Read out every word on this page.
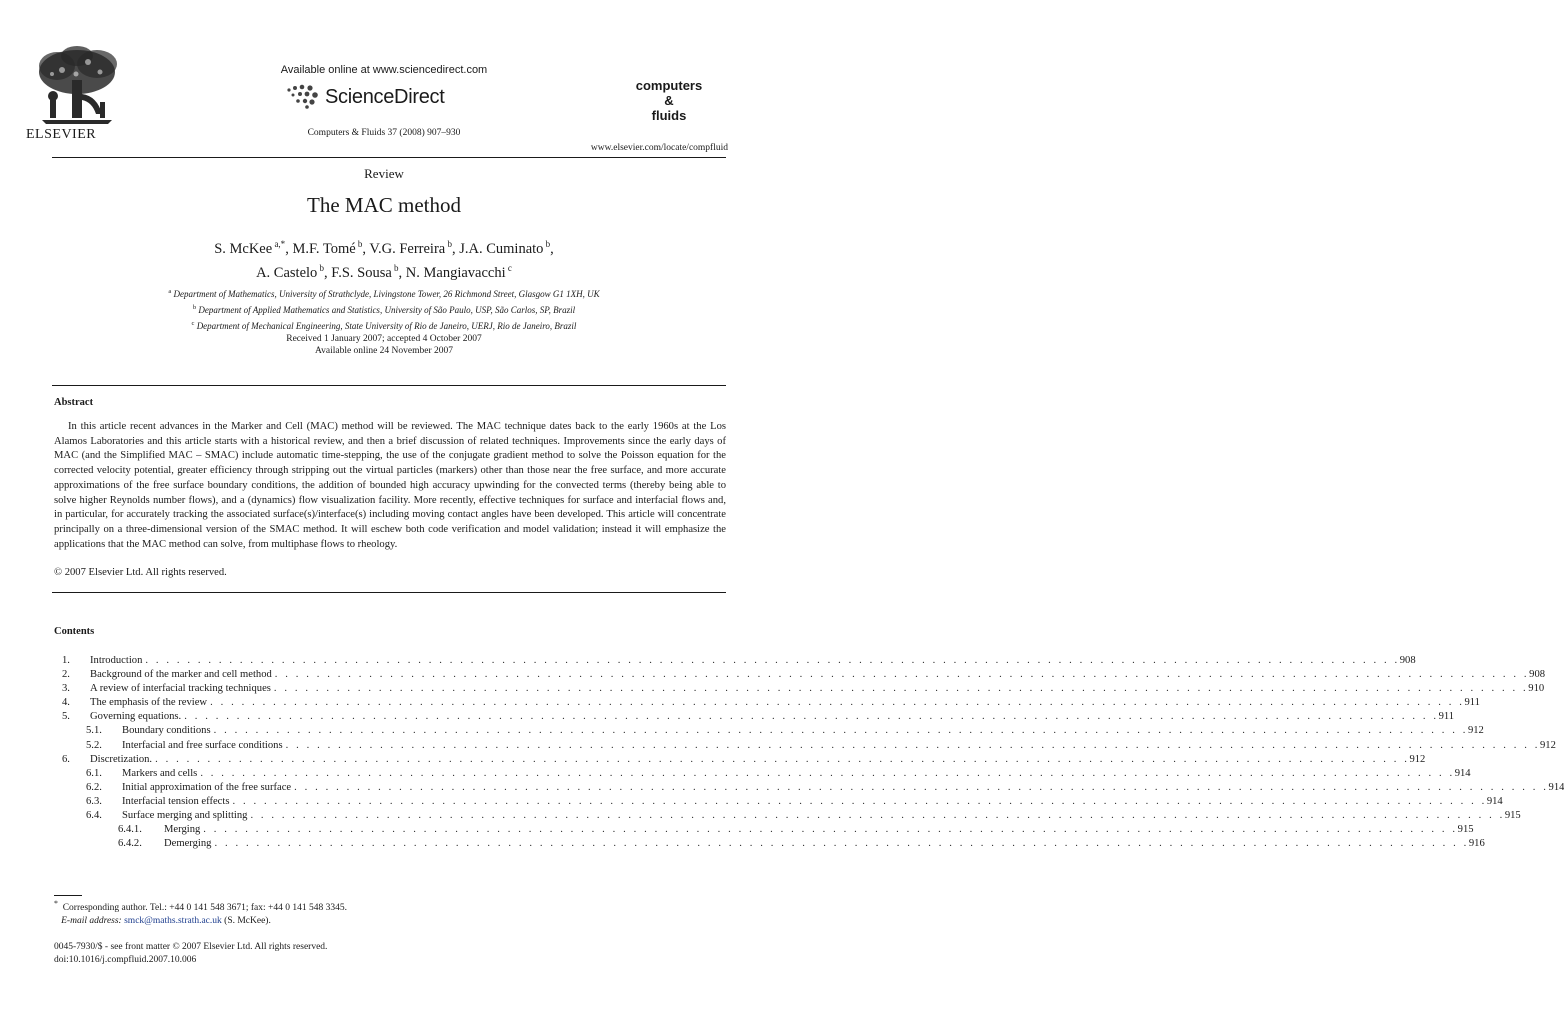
ELSEVIER
Available online at www.sciencedirect.com
ScienceDirect
Computers & Fluids 37 (2008) 907–930
computers
&
fluids
www.elsevier.com/locate/compfluid
Review
The MAC method
S. McKee $^{a,*}$, M.F. Tomé $^b$, V.G. Ferreira $^b$, J.A. Cuminato $^b$,
A. Castelo $^b$, F.S. Sousa $^b$, N. Mangiavacchi $^c$
$^a$ Department of Mathematics, University of Strathclyde, Livingstone Tower, 26 Richmond Street, Glasgow G1 1XH, UK
$^b$ Department of Applied Mathematics and Statistics, University of São Paulo, USP, São Carlos, SP, Brazil
$^c$ Department of Mechanical Engineering, State University of Rio de Janeiro, UERJ, Rio de Janeiro, Brazil
Received 1 January 2007; accepted 4 October 2007
Available online 24 November 2007
Abstract

In this article recent advances in the Marker and Cell (MAC) method will be reviewed. The MAC technique dates back to the early 1960s at the Los Alamos Laboratories and this article starts with a historical review, and then a brief discussion of related techniques. Improvements since the early days of MAC (and the Simplified MAC – SMAC) include automatic time-stepping, the use of the conjugate gradient method to solve the Poisson equation for the corrected velocity potential, greater efficiency through stripping out the virtual particles (markers) other than those near the free surface, and more accurate approximations of the free surface boundary conditions, the addition of bounded high accuracy upwinding for the convected terms (thereby being able to solve higher Reynolds number flows), and a (dynamics) flow visualization facility. More recently, effective techniques for surface and interfacial flows and, in particular, for accurately tracking the associated surface(s)/interface(s) including moving contact angles have been developed. This article will concentrate principally on a three-dimensional version of the SMAC method. It will eschew both code verification and model validation; instead it will emphasize the applications that the MAC method can solve, from multiphase flows to rheology.

© 2007 Elsevier Ltd. All rights reserved.
Contents
1. Introduction . . . . . . . . . . . . . . . . . . . . . . . . . . . . . . . . . . . . . . . . . . . . . . . . . . . . . . . . . . . . . . . . . . . . . . . . . . . . . . . . . . . . . . . . . . . . . . . . . . . . . . . . . . . . . . . . . . . . . . . . 908
2. Background of the marker and cell method . . . . . . . . . . . . . . . . . . . . . . . . . . . . . . . . . . . . . . . . . . . . . . . . . . . . . . . . . . . . . . . . . . . . . . . . . . . . . . . . . . . . . . . . . . . . . . . . . . . . . . . . . . . . . . . . . . . . . . . . 908
3. A review of interfacial tracking techniques . . . . . . . . . . . . . . . . . . . . . . . . . . . . . . . . . . . . . . . . . . . . . . . . . . . . . . . . . . . . . . . . . . . . . . . . . . . . . . . . . . . . . . . . . . . . . . . . . . . . . . . . . . . . . . . . . . . . . . . . 910
4. The emphasis of the review . . . . . . . . . . . . . . . . . . . . . . . . . . . . . . . . . . . . . . . . . . . . . . . . . . . . . . . . . . . . . . . . . . . . . . . . . . . . . . . . . . . . . . . . . . . . . . . . . . . . . . . . . . . . . . . . . . . . . . . . 911
5. Governing equations. . . . . . . . . . . . . . . . . . . . . . . . . . . . . . . . . . . . . . . . . . . . . . . . . . . . . . . . . . . . . . . . . . . . . . . . . . . . . . . . . . . . . . . . . . . . . . . . . . . . . . . . . . . . . . . . . . . . . . . . . 911
5.1. Boundary conditions . . . . . . . . . . . . . . . . . . . . . . . . . . . . . . . . . . . . . . . . . . . . . . . . . . . . . . . . . . . . . . . . . . . . . . . . . . . . . . . . . . . . . . . . . . . . . . . . . . . . . . . . . . . . . . . . . . . . . . . . 912
5.2. Interfacial and free surface conditions . . . . . . . . . . . . . . . . . . . . . . . . . . . . . . . . . . . . . . . . . . . . . . . . . . . . . . . . . . . . . . . . . . . . . . . . . . . . . . . . . . . . . . . . . . . . . . . . . . . . . . . . . . . . . . . . . . . . . . . . 912
6. Discretization. . . . . . . . . . . . . . . . . . . . . . . . . . . . . . . . . . . . . . . . . . . . . . . . . . . . . . . . . . . . . . . . . . . . . . . . . . . . . . . . . . . . . . . . . . . . . . . . . . . . . . . . . . . . . . . . . . . . . . . . . 912
6.1. Markers and cells . . . . . . . . . . . . . . . . . . . . . . . . . . . . . . . . . . . . . . . . . . . . . . . . . . . . . . . . . . . . . . . . . . . . . . . . . . . . . . . . . . . . . . . . . . . . . . . . . . . . . . . . . . . . . . . . . . . . . . . . 914
6.2. Initial approximation of the free surface . . . . . . . . . . . . . . . . . . . . . . . . . . . . . . . . . . . . . . . . . . . . . . . . . . . . . . . . . . . . . . . . . . . . . . . . . . . . . . . . . . . . . . . . . . . . . . . . . . . . . . . . . . . . . . . . . . . . . . . . 914
6.3. Interfacial tension effects . . . . . . . . . . . . . . . . . . . . . . . . . . . . . . . . . . . . . . . . . . . . . . . . . . . . . . . . . . . . . . . . . . . . . . . . . . . . . . . . . . . . . . . . . . . . . . . . . . . . . . . . . . . . . . . . . . . . . . . . 914
6.4. Surface merging and splitting . . . . . . . . . . . . . . . . . . . . . . . . . . . . . . . . . . . . . . . . . . . . . . . . . . . . . . . . . . . . . . . . . . . . . . . . . . . . . . . . . . . . . . . . . . . . . . . . . . . . . . . . . . . . . . . . . . . . . . . . 915
6.4.1. Merging . . . . . . . . . . . . . . . . . . . . . . . . . . . . . . . . . . . . . . . . . . . . . . . . . . . . . . . . . . . . . . . . . . . . . . . . . . . . . . . . . . . . . . . . . . . . . . . . . . . . . . . . . . . . . . . . . . . . . . . . 915
6.4.2. Demerging . . . . . . . . . . . . . . . . . . . . . . . . . . . . . . . . . . . . . . . . . . . . . . . . . . . . . . . . . . . . . . . . . . . . . . . . . . . . . . . . . . . . . . . . . . . . . . . . . . . . . . . . . . . . . . . . . . . . . . . . 916
* Corresponding author. Tel.: +44 0 141 548 3671; fax: +44 0 141 548 3345.
E-mail address: smck@maths.strath.ac.uk (S. McKee).
0045-7930/$ - see front matter © 2007 Elsevier Ltd. All rights reserved.
doi:10.1016/j.compfluid.2007.10.006
